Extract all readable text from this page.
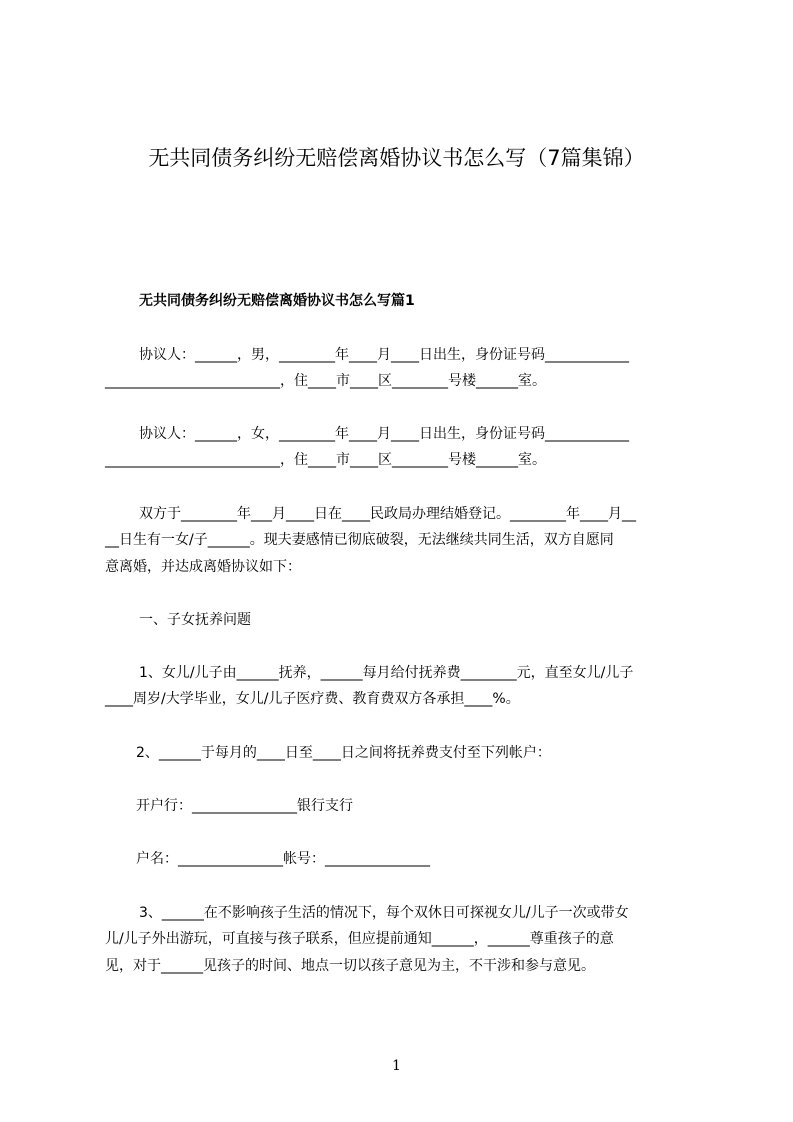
无共同债务纠纷无赔偿离婚协议书怎么写（7篇集锦）
无共同债务纠纷无赔偿离婚协议书怎么写篇1
协议人：______，男，________年____月____日出生，身份证号码____________
_________________________，住____市____区________号楼______室。
协议人：______，女，________年____月____日出生，身份证号码____________
_________________________，住____市____区________号楼______室。
双方于________年___月____日在____民政局办理结婚登记。________年____月__
__日生有一女/子______。现夫妻感情已彻底破裂，无法继续共同生活，双方自愿同
意离婚，并达成离婚协议如下：
一、子女抚养问题
1、女儿/儿子由______抚养，______每月给付抚养费________元，直至女儿/儿子
____周岁/大学毕业，女儿/儿子医疗费、教育费双方各承担____%。
2、______于每月的____日至____日之间将抚养费支付至下列帐户：
开户行：_______________银行支行
户名：_______________帐号：_______________
3、______在不影响孩子生活的情况下，每个双休日可探视女儿/儿子一次或带女
儿/儿子外出游玩，可直接与孩子联系，但应提前通知______，______尊重孩子的意
见，对于______见孩子的时间、地点一切以孩子意见为主，不干涉和参与意见。
1
